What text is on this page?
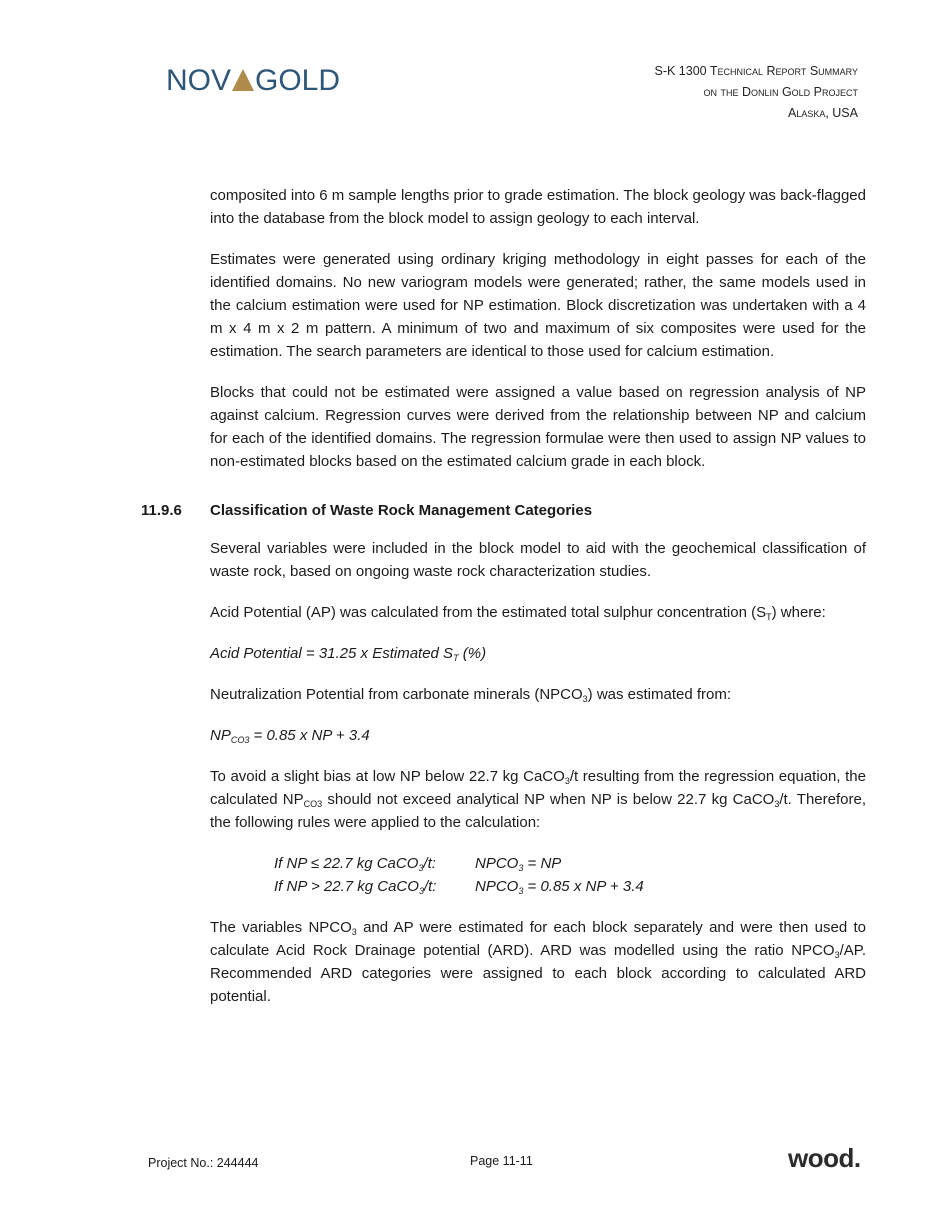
NOV GOLD	S-K 1300 Technical Report Summary
on the Donlin Gold Project
Alaska, USA

composited into 6 m sample lengths prior to grade estimation. The block geology was back-flagged into the database from the block model to assign geology to each interval.

Estimates were generated using ordinary kriging methodology in eight passes for each of the identified domains. No new variogram models were generated; rather, the same models used in the calcium estimation were used for NP estimation. Block discretization was undertaken with a 4 m x 4 m x 2 m pattern. A minimum of two and maximum of six composites were used for the estimation. The search parameters are identical to those used for calcium estimation.

Blocks that could not be estimated were assigned a value based on regression analysis of NP against calcium. Regression curves were derived from the relationship between NP and calcium for each of the identified domains. The regression formulae were then used to assign NP values to non-estimated blocks based on the estimated calcium grade in each block.

Several variables were included in the block model to aid with the geochemical classification of waste rock, based on ongoing waste rock characterization studies.

Acid Potential (AP) was calculated from the estimated total sulphur concentration $(S_T)$ where:

Acid Potential = 31.25 x Estimated $S_T$ (%)

Neutralization Potential from carbonate minerals $(NPCO_3)$ was estimated from:

$NP_{CO3} = 0.85$ x NP + 3.4

To avoid a slight bias at low NP below 22.7 kg CaCO$_3$/t resulting from the regression equation, the calculated $NP_{CO3}$ should not exceed analytical NP when NP is below 22.7 kg CaCO$_3$/t. Therefore, the following rules were applied to the calculation:

If NP ≤ 22.7 kg CaCO$_3$/t:	$NPCO_3$ = NP
If NP > 22.7 kg CaCO$_3$/t:	$NPCO_3 = 0.85$ x NP + 3.4

The variables $NPCO_3$ and AP were estimated for each block separately and were then used to calculate Acid Rock Drainage potential (ARD). ARD was modelled using the ratio $NPCO_3/AP$. Recommended ARD categories were assigned to each block according to calculated ARD potential.

11.9.6 Classification of Waste Rock Management Categories
Project No.: 244444	Page 11-11	wood.
